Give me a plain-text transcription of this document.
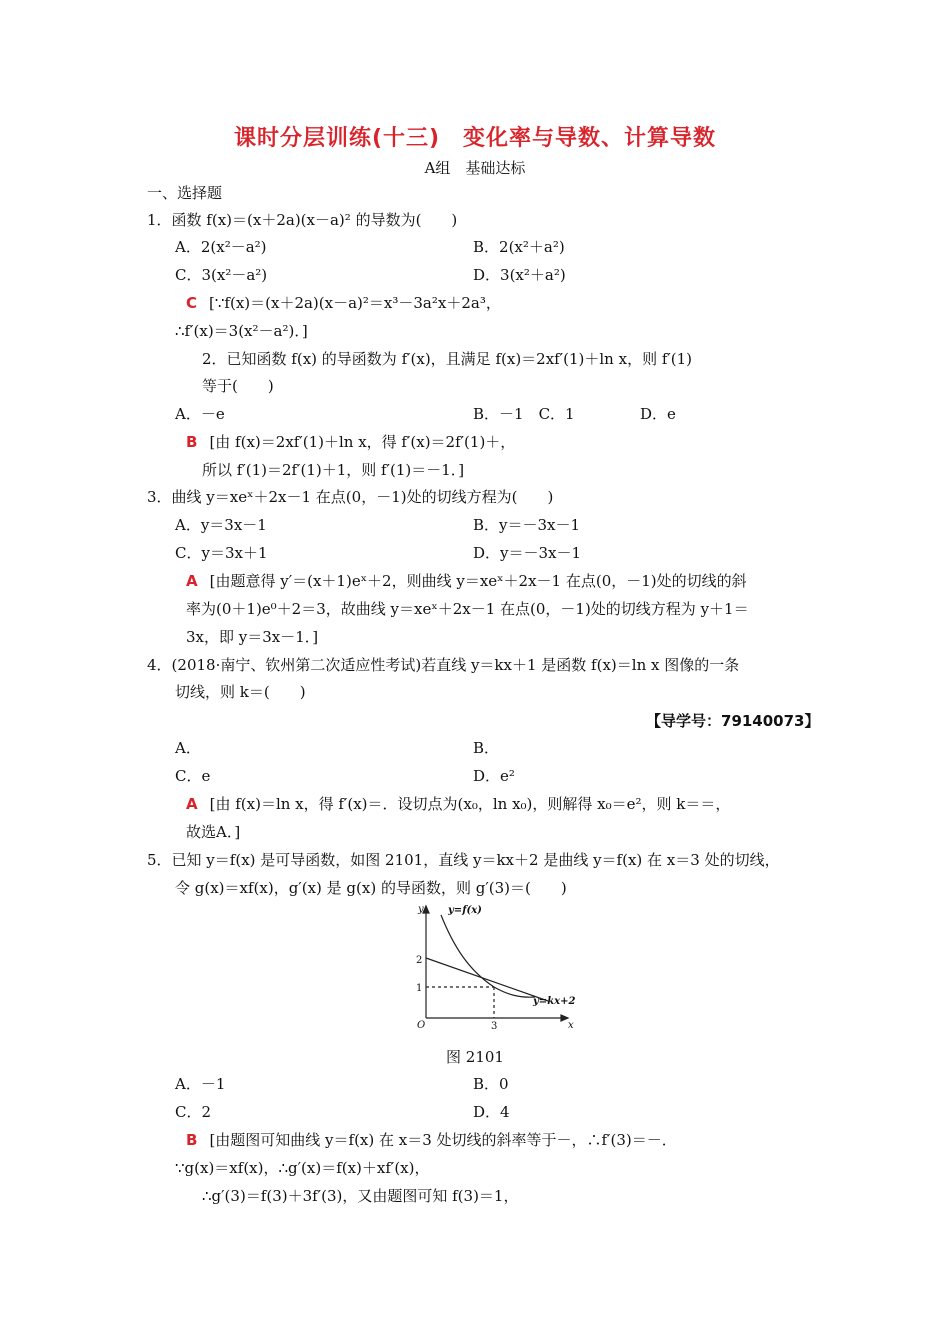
课时分层训练(十三)　变化率与导数、计算导数
A组　基础达标
一、选择题
1．函数 f(x)＝(x＋2a)(x－a)² 的导数为(　　)
A．2(x²－a²)	B．2(x²＋a²)
C．3(x²－a²)	D．3(x²＋a²)
C [∵f(x)＝(x＋2a)(x－a)²＝x³－3a²x＋2a³，
∴f′(x)＝3(x²－a²)．]
2．已知函数 f(x) 的导函数为 f′(x)，且满足 f(x)＝2xf′(1)＋ln x，则 f′(1)
等于(　　)
A．－e	B．－1　C．1	D．e
B [由 f(x)＝2xf′(1)＋ln x，得 f′(x)＝2f′(1)＋，
所以 f′(1)＝2f′(1)＋1，则 f′(1)＝－1．]
3．曲线 y＝xeˣ＋2x－1 在点(0，－1)处的切线方程为(　　)
A．y＝3x－1	B．y＝－3x－1
C．y＝3x＋1	D．y＝－3x－1
A [由题意得 y′＝(x＋1)eˣ＋2，则曲线 y＝xeˣ＋2x－1 在点(0，－1)处的切线的斜
率为(0＋1)e⁰＋2＝3，故曲线 y＝xeˣ＋2x－1 在点(0，－1)处的切线方程为 y＋1＝
3x，即 y＝3x－1．]
4．(2018·南宁、钦州第二次适应性考试)若直线 y＝kx＋1 是函数 f(x)＝ln x 图像的一条
切线，则 k＝(　　)
【导学号：79140073】
A．	B．
C．e	D．e²
A [由 f(x)＝ln x，得 f′(x)＝．设切点为(x₀，ln x₀)，则解得 x₀＝e²，则 k＝＝，
故选A．]
5．已知 y＝f(x) 是可导函数，如图 2101，直线 y＝kx＋2 是曲线 y＝f(x) 在 x＝3 处的切线，
令 g(x)＝xf(x)，g′(x) 是 g(x) 的导函数，则 g′(3)＝(　　)
y
x
O
y=f(x)
y=kx+2
2
1
3
图 2101
A．－1	B．0
C．2	D．4
B [由题图可知曲线 y＝f(x) 在 x＝3 处切线的斜率等于－，∴f′(3)＝－．
∵g(x)＝xf(x)，∴g′(x)＝f(x)＋xf′(x)，
∴g′(3)＝f(3)＋3f′(3)，又由题图可知 f(3)＝1，
